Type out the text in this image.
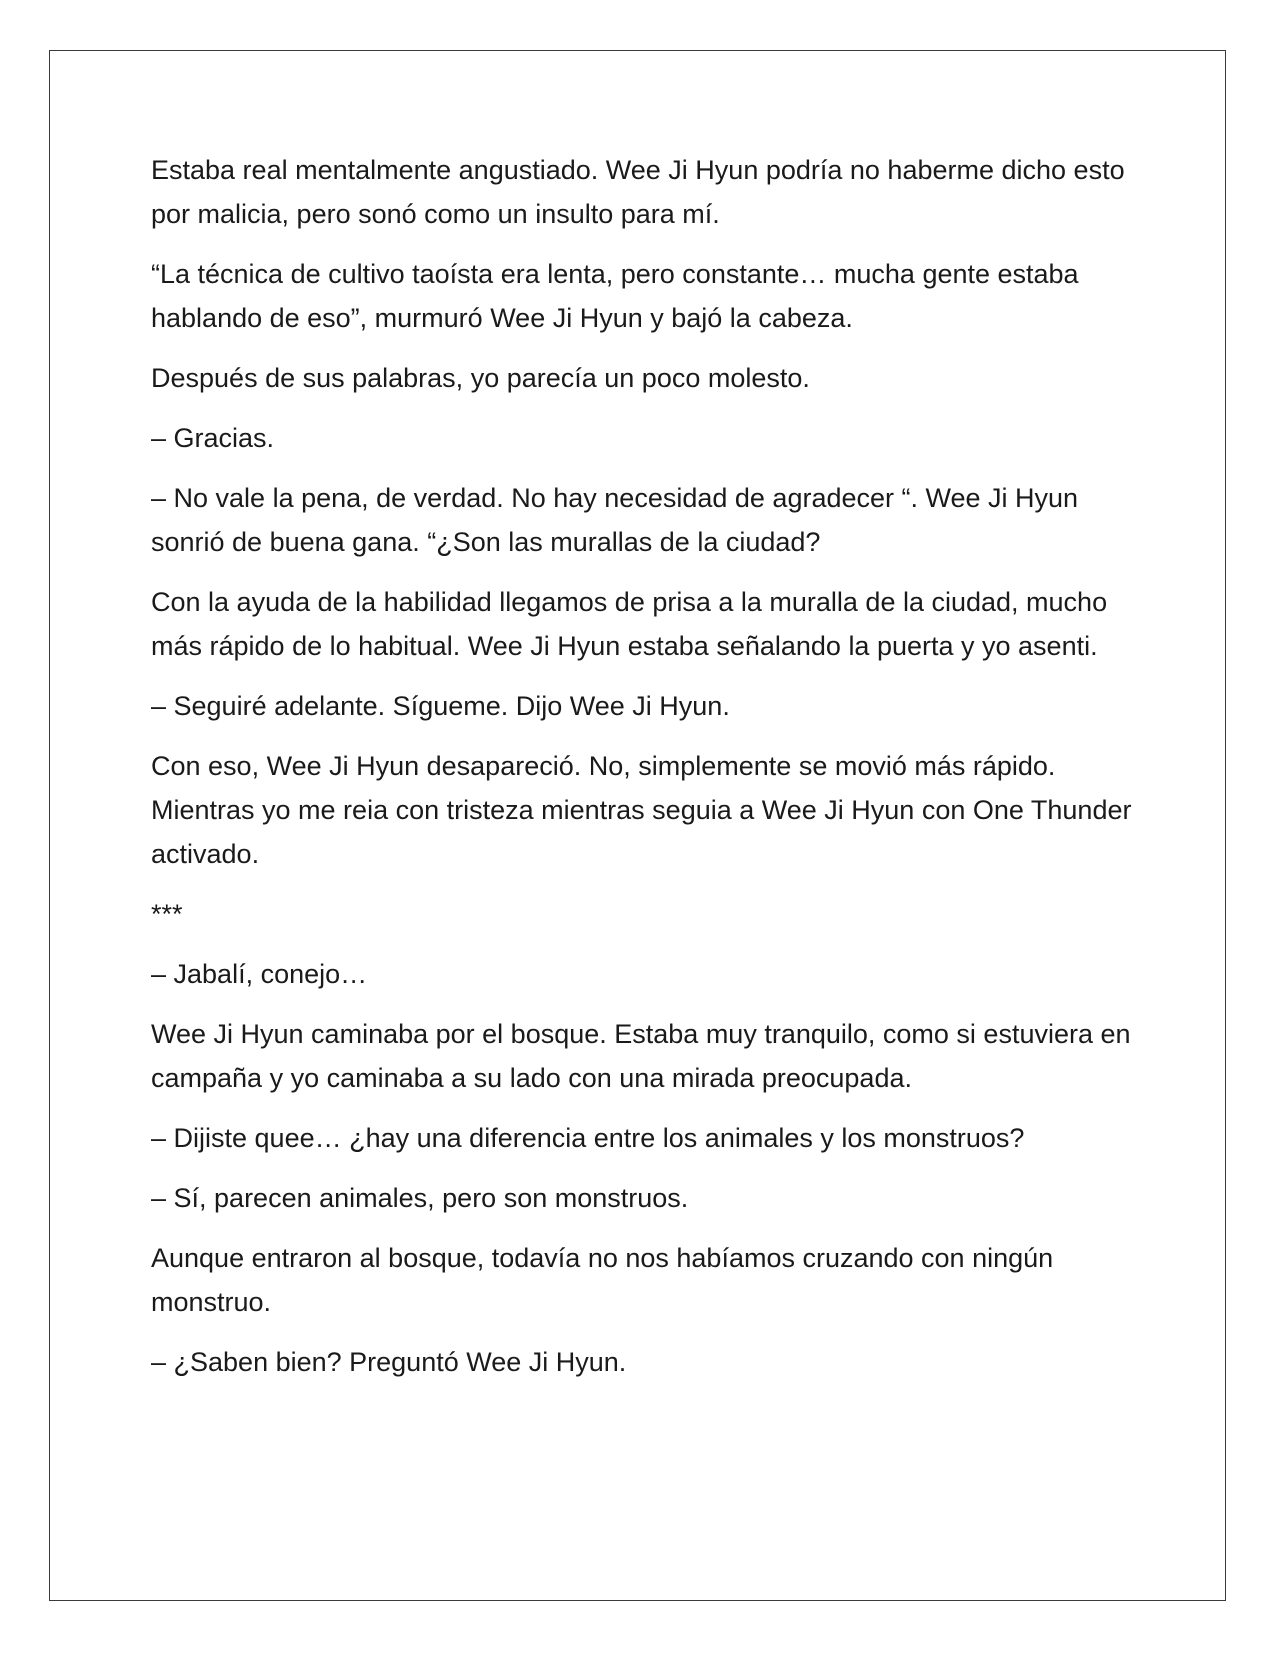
Estaba real mentalmente angustiado. Wee Ji Hyun podría no haberme dicho esto por malicia, pero sonó como un insulto para mí.

“La técnica de cultivo taoísta era lenta, pero constante… mucha gente estaba hablando de eso”, murmuró Wee Ji Hyun y bajó la cabeza.

Después de sus palabras, yo parecía un poco molesto.

– Gracias.

– No vale la pena, de verdad. No hay necesidad de agradecer “. Wee Ji Hyun sonrió de buena gana. “¿Son las murallas de la ciudad?

Con la ayuda de la habilidad llegamos de prisa a la muralla de la ciudad, mucho más rápido de lo habitual. Wee Ji Hyun estaba señalando la puerta y yo asenti.

– Seguiré adelante. Sígueme. Dijo Wee Ji Hyun.

Con eso, Wee Ji Hyun desapareció. No, simplemente se movió más rápido. Mientras yo me reia con tristeza mientras seguia a Wee Ji Hyun con One Thunder activado.

***

– Jabalí, conejo…

Wee Ji Hyun caminaba por el bosque. Estaba muy tranquilo, como si estuviera en campaña y yo caminaba a su lado con una mirada preocupada.

– Dijiste quee… ¿hay una diferencia entre los animales y los monstruos?

– Sí, parecen animales, pero son monstruos.

Aunque entraron al bosque, todavía no nos habíamos cruzando con ningún monstruo.

– ¿Saben bien? Preguntó Wee Ji Hyun.
